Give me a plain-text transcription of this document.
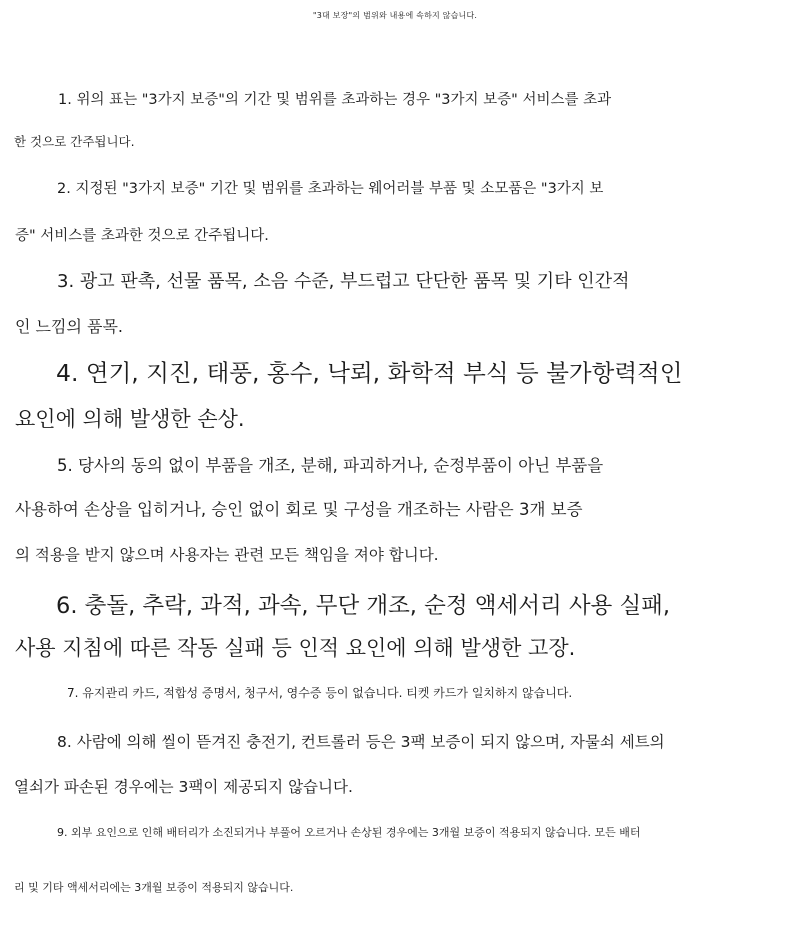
"3대 보장"의 범위와 내용에 속하지 않습니다.
1. 위의 표는 "3가지 보증"의 기간 및 범위를 초과하는 경우 "3가지 보증" 서비스를 초과
한 것으로 간주됩니다.
2. 지정된 "3가지 보증" 기간 및 범위를 초과하는 웨어러블 부품 및 소모품은 "3가지 보
증" 서비스를 초과한 것으로 간주됩니다.
3. 광고 판촉, 선물 품목, 소음 수준, 부드럽고 단단한 품목 및 기타 인간적
인 느낌의 품목.
4. 연기, 지진, 태풍, 홍수, 낙뢰, 화학적 부식 등 불가항력적인
요인에 의해 발생한 손상.
5. 당사의 동의 없이 부품을 개조, 분해, 파괴하거나, 순정부품이 아닌 부품을
사용하여 손상을 입히거나, 승인 없이 회로 및 구성을 개조하는 사람은 3개 보증
의 적용을 받지 않으며 사용자는 관련 모든 책임을 져야 합니다.
6. 충돌, 추락, 과적, 과속, 무단 개조, 순정 액세서리 사용 실패,
사용 지침에 따른 작동 실패 등 인적 요인에 의해 발생한 고장.
7. 유지관리 카드, 적합성 증명서, 청구서, 영수증 등이 없습니다. 티켓 카드가 일치하지 않습니다.
8. 사람에 의해 씰이 뜯겨진 충전기, 컨트롤러 등은 3팩 보증이 되지 않으며, 자물쇠 세트의
열쇠가 파손된 경우에는 3팩이 제공되지 않습니다.
9. 외부 요인으로 인해 배터리가 소진되거나 부풀어 오르거나 손상된 경우에는 3개월 보증이 적용되지 않습니다. 모든 배터
리 및 기타 액세서리에는 3개월 보증이 적용되지 않습니다.
